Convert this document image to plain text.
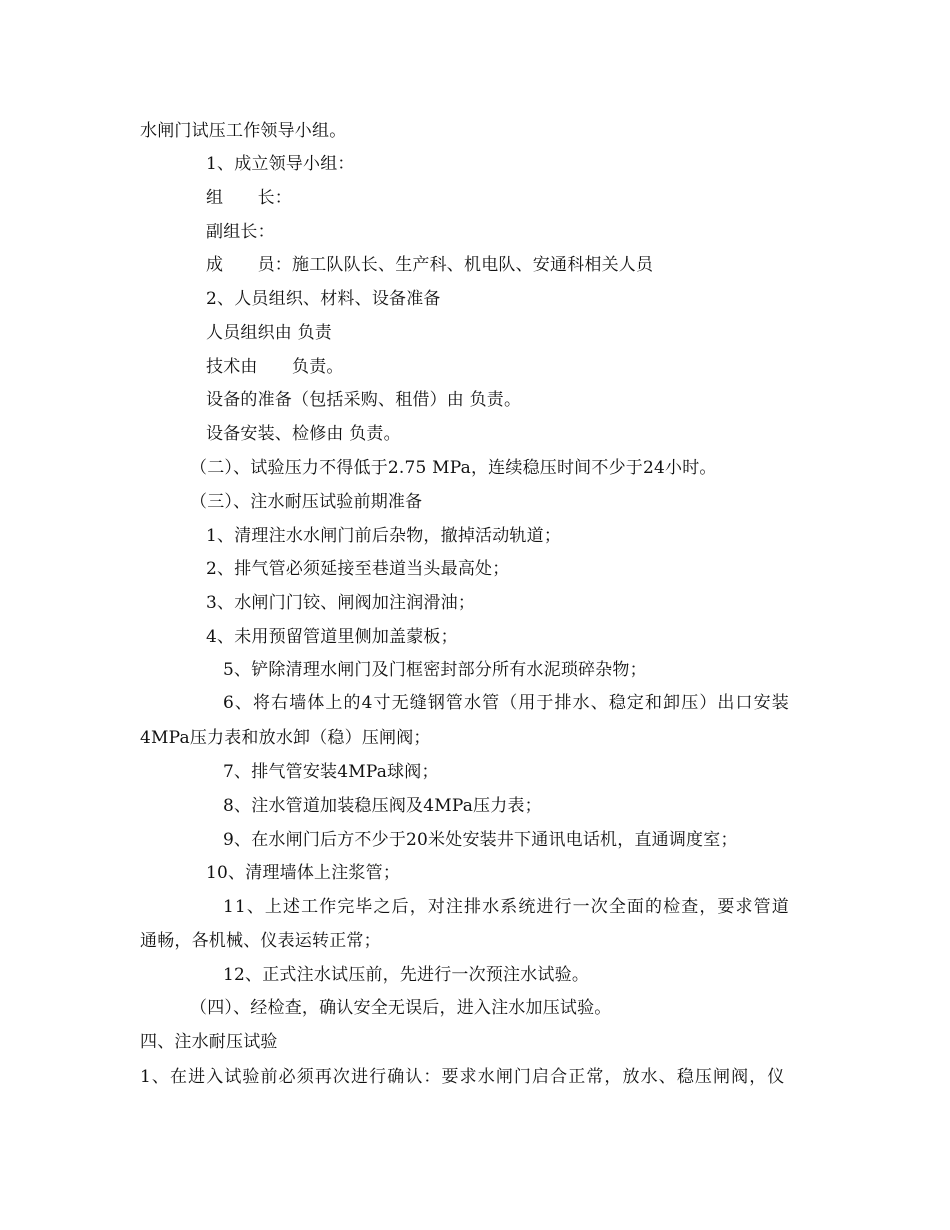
水闸门试压工作领导小组。
1、成立领导小组：
组　　长：
副组长：
成　　员：施工队队长、生产科、机电队、安通科相关人员
2、人员组织、材料、设备准备
人员组织由 负责
技术由　　负责。
设备的准备（包括采购、租借）由 负责。
设备安装、检修由 负责。
（二）、试验压力不得低于2.75 MPa，连续稳压时间不少于24小时。
（三）、注水耐压试验前期准备
1、清理注水水闸门前后杂物，撤掉活动轨道；
2、排气管必须延接至巷道当头最高处；
3、水闸门门铰、闸阀加注润滑油；
4、未用预留管道里侧加盖蒙板；
5、铲除清理水闸门及门框密封部分所有水泥琐碎杂物；
6、将右墙体上的4寸无缝钢管水管（用于排水、稳定和卸压）出口安装
4MPa压力表和放水卸（稳）压闸阀；
7、排气管安装4MPa球阀；
8、注水管道加装稳压阀及4MPa压力表；
9、在水闸门后方不少于20米处安装井下通讯电话机，直通调度室；
10、清理墙体上注浆管；
11、上述工作完毕之后，对注排水系统进行一次全面的检查，要求管道
通畅，各机械、仪表运转正常；
12、正式注水试压前，先进行一次预注水试验。
（四）、经检查，确认安全无误后，进入注水加压试验。
四、注水耐压试验
1、在进入试验前必须再次进行确认：要求水闸门启合正常，放水、稳压闸阀，仪
